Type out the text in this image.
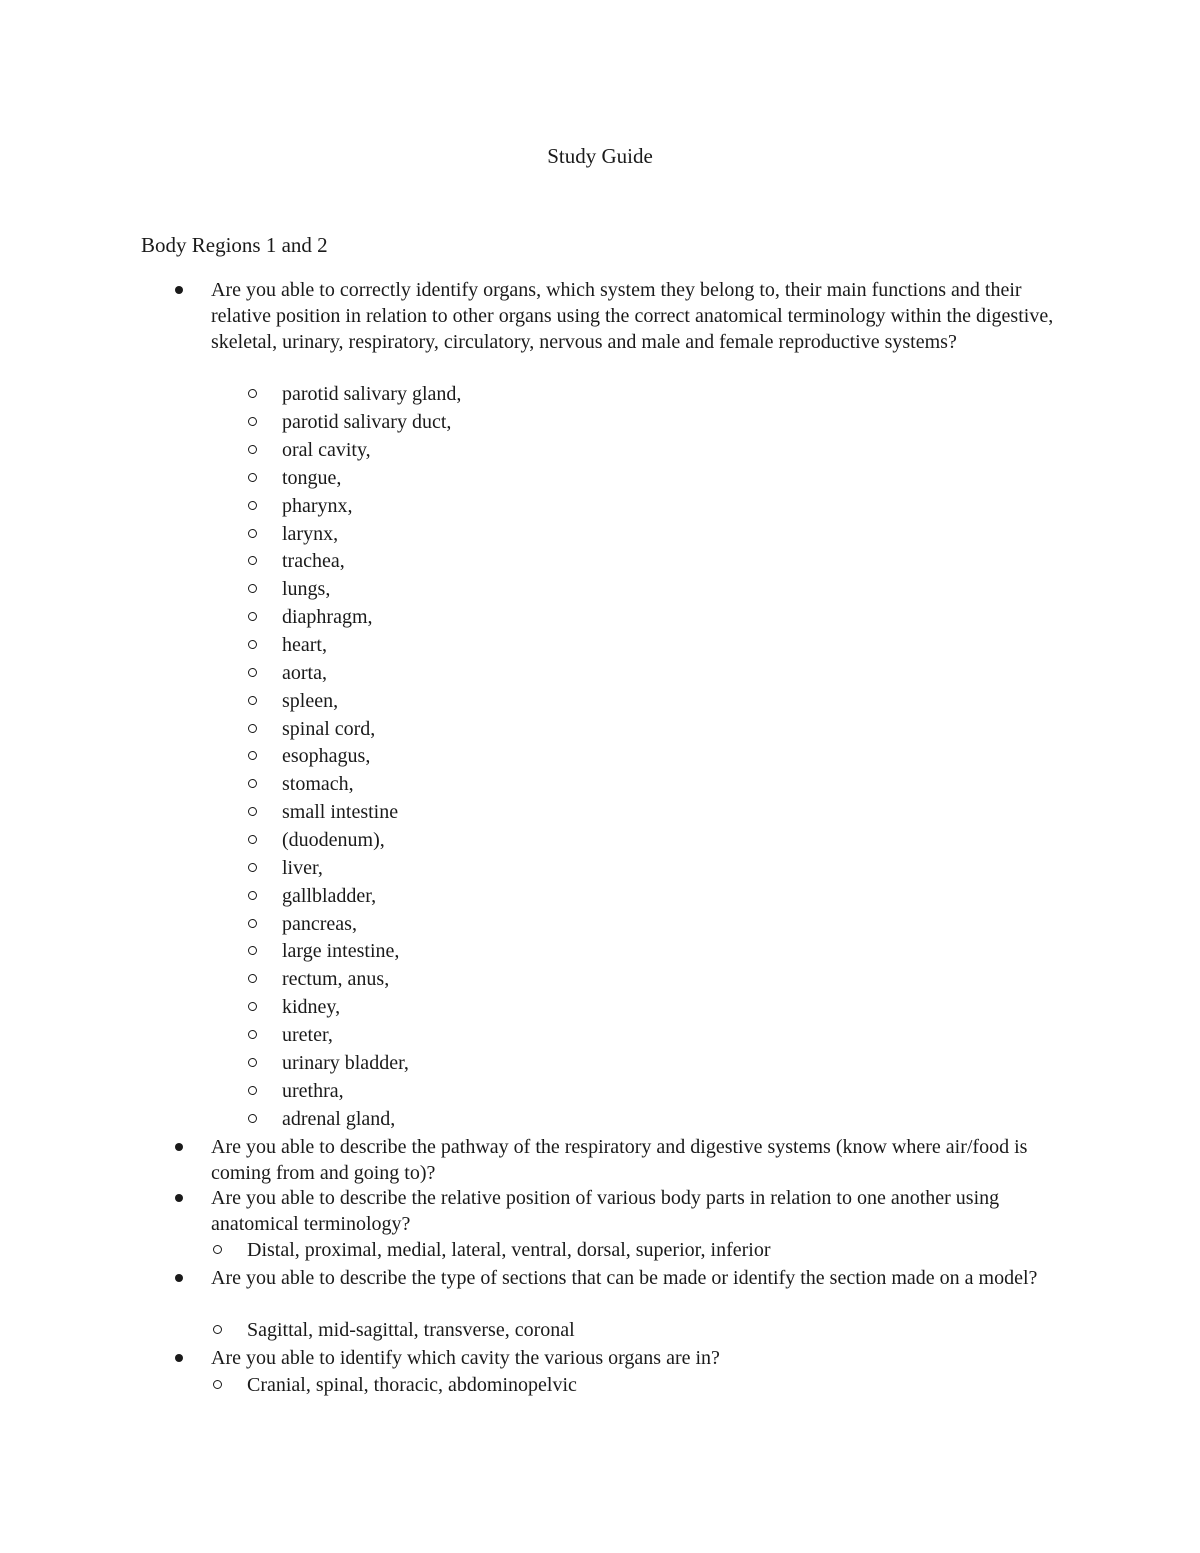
Study Guide
Body Regions 1 and 2
Are you able to correctly identify organs, which system they belong to, their main functions and their relative position in relation to other organs using the correct anatomical terminology within the digestive, skeletal, urinary, respiratory, circulatory, nervous and male and female reproductive systems?
parotid salivary gland,
parotid salivary duct,
oral cavity,
tongue,
pharynx,
larynx,
trachea,
lungs,
diaphragm,
heart,
aorta,
spleen,
spinal cord,
esophagus,
stomach,
small intestine
(duodenum),
liver,
gallbladder,
pancreas,
large intestine,
rectum, anus,
kidney,
ureter,
urinary bladder,
urethra,
adrenal gland,
Are you able to describe the pathway of the respiratory and digestive systems (know where air/food is coming from and going to)?
Are you able to describe the relative position of various body parts in relation to one another using anatomical terminology?
Distal, proximal, medial, lateral, ventral, dorsal, superior, inferior
Are you able to describe the type of sections that can be made or identify the section made on a model?
Sagittal, mid-sagittal, transverse, coronal
Are you able to identify which cavity the various organs are in?
Cranial, spinal, thoracic, abdominopelvic
